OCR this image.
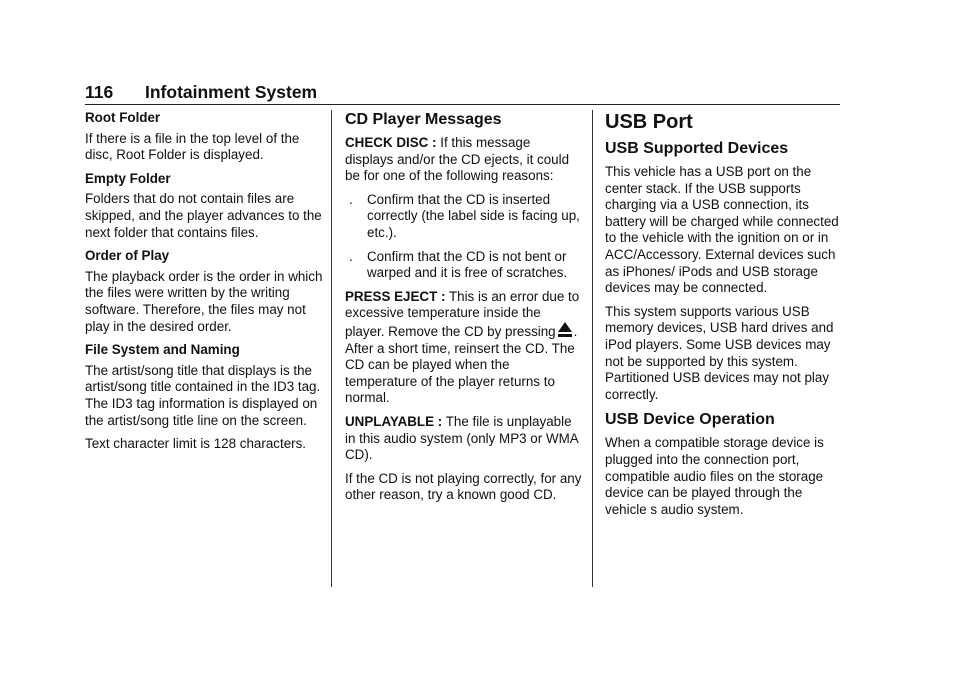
116 Infotainment System

Root Folder

If there is a file in the top level of the disc, Root Folder is displayed.

Empty Folder

Folders that do not contain files are skipped, and the player advances to the next folder that contains files.

Order of Play

The playback order is the order in which the files were written by the writing software. Therefore, the files may not play in the desired order.

File System and Naming

The artist/song title that displays is the artist/song title contained in the ID3 tag. The ID3 tag information is displayed on the artist/song title line on the screen.

Text character limit is 128 characters.

CD Player Messages

CHECK DISC : If this message displays and/or the CD ejects, it could be for one of the following reasons:

. Confirm that the CD is inserted correctly (the label side is facing up, etc.).

. Confirm that the CD is not bent or warped and it is free of scratches.

PRESS EJECT : This is an error due to excessive temperature inside the player. Remove the CD by pressing . After a short time, reinsert the CD. The CD can be played when the temperature of the player returns to normal.

UNPLAYABLE : The file is unplayable in this audio system (only MP3 or WMA CD).

If the CD is not playing correctly, for any other reason, try a known good CD.

USB Port
USB Supported Devices

This vehicle has a USB port on the center stack. If the USB supports charging via a USB connection, its battery will be charged while connected to the vehicle with the ignition on or in ACC/Accessory. External devices such as iPhones/ iPods and USB storage devices may be connected.

This system supports various USB memory devices, USB hard drives and iPod players. Some USB devices may not be supported by this system. Partitioned USB devices may not play correctly.

USB Device Operation

When a compatible storage device is plugged into the connection port, compatible audio files on the storage device can be played through the vehicle s audio system.
